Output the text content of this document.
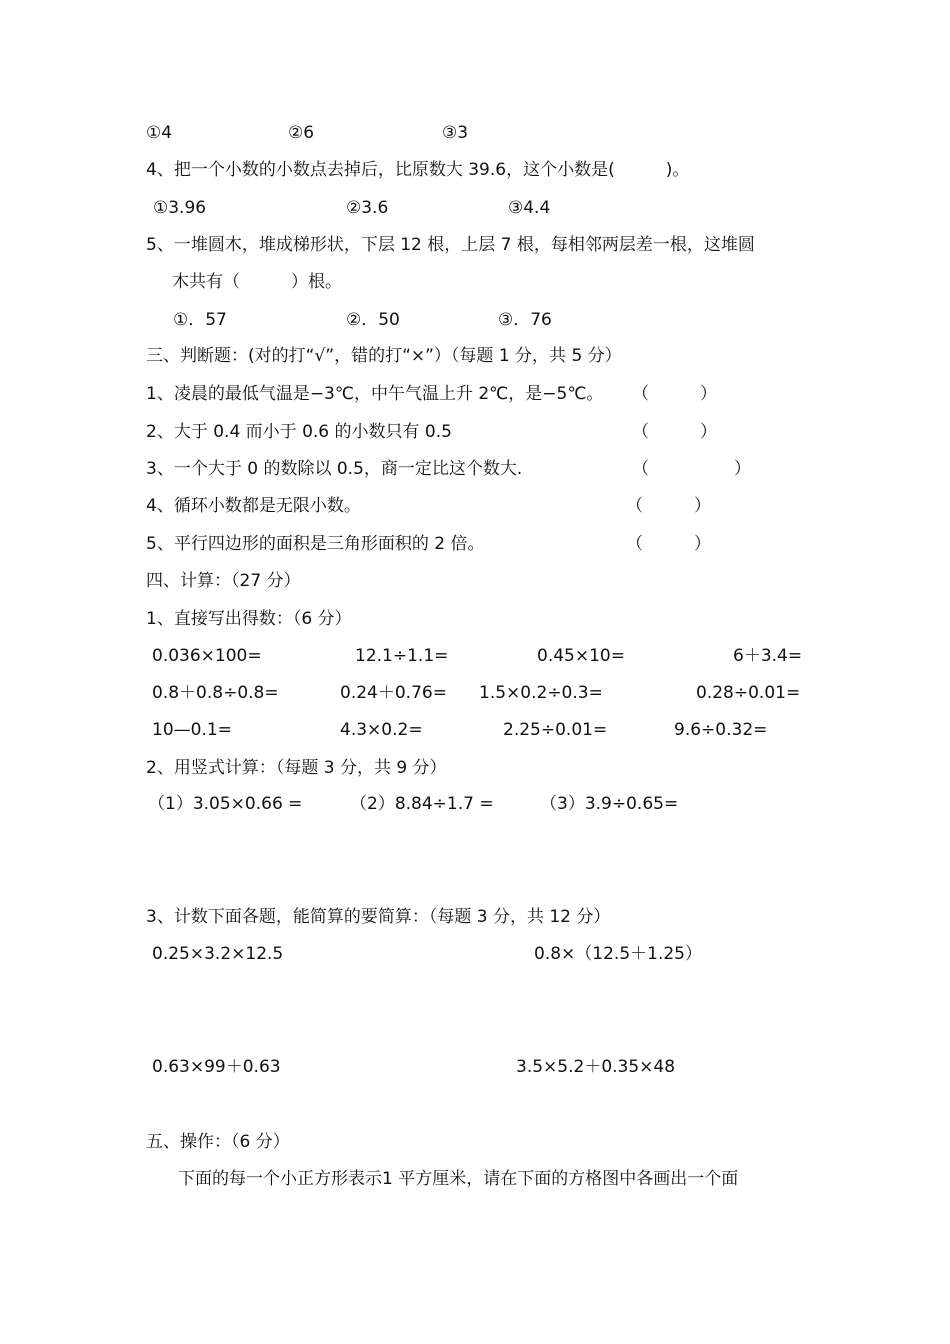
①4	②6	③3
4、把一个小数的小数点去掉后，比原数大 39.6，这个小数是(　　　)。
①3.96	②3.6	③4.4
5、一堆圆木，堆成梯形状，下层 12 根，上层 7 根，每相邻两层差一根，这堆圆
木共有（　　　）根。
①．57	②．50	③．76
三、判断题：(对的打“√”，错的打“×”）（每题 1 分，共 5 分）
1、凌晨的最低气温是−3℃，中午气温上升 2℃，是−5℃。 （　　　）
2、大于 0.4 而小于 0.6 的小数只有 0.5	（　　　）
3、一个大于 0 的数除以 0.5，商一定比这个数大.	（　　　　　）
4、循环小数都是无限小数。	（　　　）
5、平行四边形的面积是三角形面积的 2 倍。	（　　　）
四、计算：（27 分）
1、直接写出得数：（6 分）
0.036×100=	12.1÷1.1=	0.45×10=	6＋3.4=
0.8＋0.8÷0.8=	0.24＋0.76= 1.5×0.2÷0.3=	0.28÷0.01=
10—0.1=	4.3×0.2=	2.25÷0.01=	9.6÷0.32=
2、用竖式计算：（每题 3 分，共 9 分）
（1）3.05×0.66 =	（2）8.84÷1.7 =	（3）3.9÷0.65=
3、计数下面各题，能简算的要简算：（每题 3 分，共 12 分）
0.25×3.2×12.5	0.8×（12.5＋1.25）
0.63×99＋0.63	3.5×5.2＋0.35×48
五、操作：（6 分）
下面的每一个小正方形表示1 平方厘米，请在下面的方格图中各画出一个面
